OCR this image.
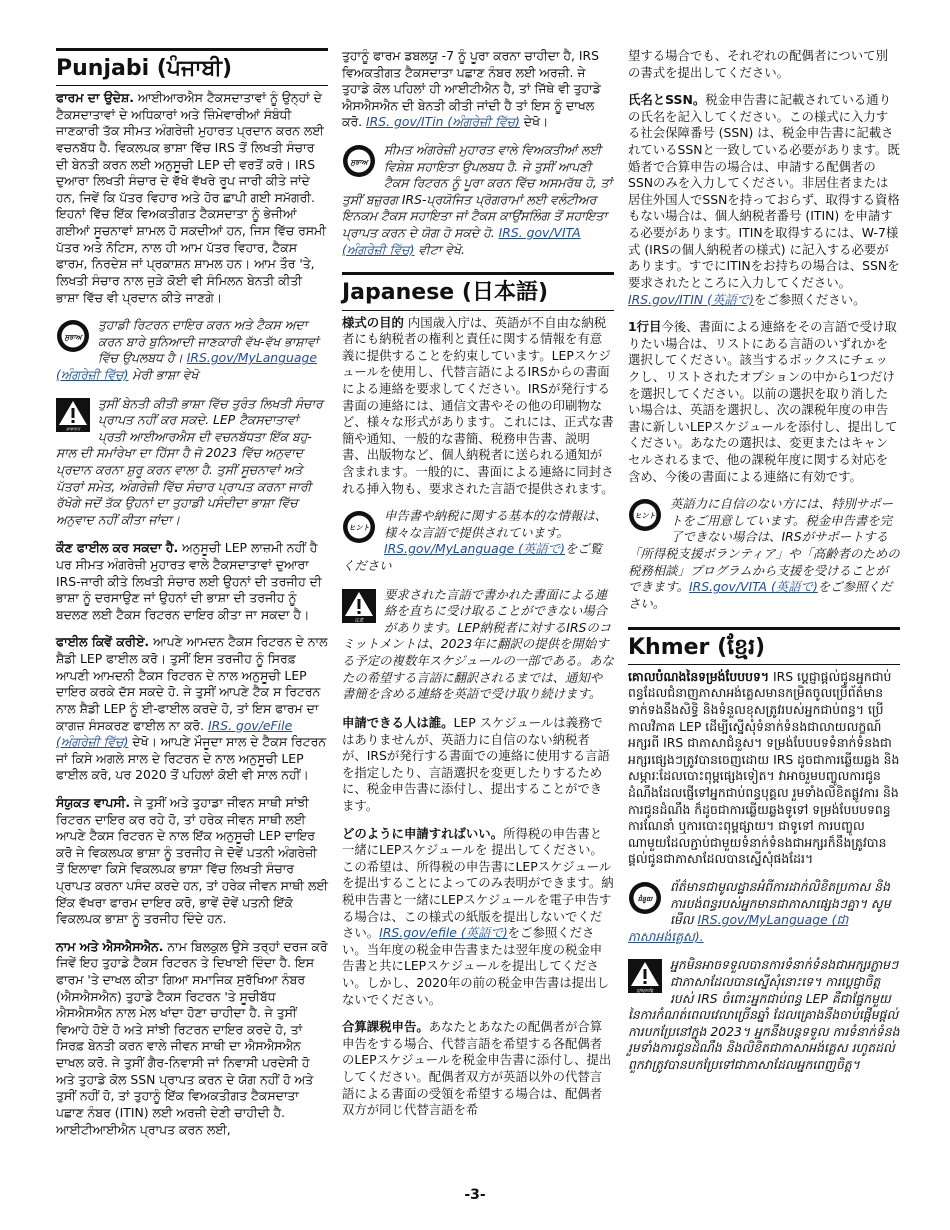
Punjabi (ਪੰਜਾਬੀ)

ਫਾਰਮ ਦਾ ਉਦੇਸ਼. ਆਈਆਰਐਸ ਟੈਕਸਦਾਤਾਵਾਂ ਨੂੰ ਉਨ੍ਹਾਂ ਦੇ ਟੈਕਸਦਾਤਾਵਾਂ ਦੇ ਅਧਿਕਾਰਾਂ ਅਤੇ ਜ਼ਿੰਮੇਵਾਰੀਆਂ ਸੰਬੰਧੀ ਜਾਣਕਾਰੀ ਤੱਕ ਸੀਮਤ ਅੰਗਰੇਜ਼ੀ ਮੁਹਾਰਤ ਪ੍ਰਦਾਨ ਕਰਨ ਲਈ ਵਚਨਬੱਧ ਹੈ. ਵਿਕਲਪਕ ਭਾਸ਼ਾ ਵਿੱਚ IRS ਤੋਂ ਲਿਖਤੀ ਸੰਚਾਰ ਦੀ ਬੇਨਤੀ ਕਰਨ ਲਈ ਅਨੁਸੂਚੀ LEP ਦੀ ਵਰਤੋਂ ਕਰੋ। IRS ਦੁਆਰਾ ਲਿਖਤੀ ਸੰਚਾਰ ਦੇ ਵੱਖੋ ਵੱਖਰੇ ਰੂਪ ਜਾਰੀ ਕੀਤੇ ਜਾਂਦੇ ਹਨ, ਜਿਵੇਂ ਕਿ ਪੱਤਰ ਵਿਹਾਰ ਅਤੇ ਹੋਰ ਛਾਪੀ ਗਈ ਸਮੱਗਰੀ. ਇਹਨਾਂ ਵਿੱਚ ਇੱਕ ਵਿਅਕਤੀਗਤ ਟੈਕਸਦਾਤਾ ਨੂੰ ਭੇਜੀਆਂ ਗਈਆਂ ਸੂਚਨਾਵਾਂ ਸ਼ਾਮਲ ਹੋ ਸਕਦੀਆਂ ਹਨ, ਜਿਸ ਵਿੱਚ ਰਸਮੀ ਪੱਤਰ ਅਤੇ ਨੋਟਿਸ, ਨਾਲ ਹੀ ਆਮ ਪੱਤਰ ਵਿਹਾਰ, ਟੈਕਸ ਫਾਰਮ, ਨਿਰਦੇਸ਼ ਜਾਂ ਪ੍ਰਕਾਸ਼ਨ ਸ਼ਾਮਲ ਹਨ। ਆਮ ਤੌਰ 'ਤੇ, ਲਿਖਤੀ ਸੰਚਾਰ ਨਾਲ ਜੁੜੇ ਕੋਈ ਵੀ ਸੰਮਿਲਨ ਬੇਨਤੀ ਕੀਤੀ ਭਾਸ਼ਾ ਵਿੱਚ ਵੀ ਪ੍ਰਦਾਨ ਕੀਤੇ ਜਾਣਗੇ।

ਸੁਝਾਅ
ਤੁਹਾਡੀ ਰਿਟਰਨ ਦਾਇਰ ਕਰਨ ਅਤੇ ਟੈਕਸ ਅਦਾ ਕਰਨ ਬਾਰੇ ਬੁਨਿਆਦੀ ਜਾਣਕਾਰੀ ਵੱਖ-ਵੱਖ ਭਾਸ਼ਾਵਾਂ ਵਿੱਚ ਉਪਲਬਧ ਹੈ। IRS.gov/MyLanguage (ਅੰਗਰੇਜ਼ੀ ਵਿੱਚ) ਮੇਰੀ ਭਾਸ਼ਾ ਵੇਖੋ
ਸਾਵਧਾਨ
ਤੁਸੀਂ ਬੇਨਤੀ ਕੀਤੀ ਭਾਸ਼ਾ ਵਿੱਚ ਤੁਰੰਤ ਲਿਖਤੀ ਸੰਚਾਰ ਪ੍ਰਾਪਤ ਨਹੀਂ ਕਰ ਸਕਦੇ. LEP ਟੈਕਸਦਾਤਾਵਾਂ ਪ੍ਰਤੀ ਆਈਆਰਐਸ ਦੀ ਵਚਨਬੱਧਤਾ ਇੱਕ ਬਹੁ-ਸਾਲ ਦੀ ਸਮਾਂਰੇਖਾ ਦਾ ਹਿੱਸਾ ਹੈ ਜੋ 2023 ਵਿੱਚ ਅਨੁਵਾਦ ਪ੍ਰਦਾਨ ਕਰਨਾ ਸ਼ੁਰੂ ਕਰਨ ਵਾਲਾ ਹੈ. ਤੁਸੀਂ ਸੂਚਨਾਵਾਂ ਅਤੇ ਪੱਤਰਾਂ ਸਮੇਤ, ਅੰਗਰੇਜ਼ੀ ਵਿੱਚ ਸੰਚਾਰ ਪ੍ਰਾਪਤ ਕਰਨਾ ਜਾਰੀ ਰੱਖੋਗੇ ਜਦੋਂ ਤੱਕ ਉਹਨਾਂ ਦਾ ਤੁਹਾਡੀ ਪਸੰਦੀਦਾ ਭਾਸ਼ਾ ਵਿੱਚ ਅਨੁਵਾਦ ਨਹੀਂ ਕੀਤਾ ਜਾਂਦਾ।

ਕੌਣ ਫਾਈਲ ਕਰ ਸਕਦਾ ਹੈ. ਅਨੁਸੂਚੀ LEP ਲਾਜ਼ਮੀ ਨਹੀਂ ਹੈ ਪਰ ਸੀਮਤ ਅੰਗਰੇਜ਼ੀ ਮੁਹਾਰਤ ਵਾਲੇ ਟੈਕਸਦਾਤਾਵਾਂ ਦੁਆਰਾ IRS-ਜਾਰੀ ਕੀਤੇ ਲਿਖਤੀ ਸੰਚਾਰ ਲਈ ਉਹਨਾਂ ਦੀ ਤਰਜੀਹ ਦੀ ਭਾਸ਼ਾ ਨੂੰ ਦਰਸਾਉਣ ਜਾਂ ਉਹਨਾਂ ਦੀ ਭਾਸ਼ਾ ਦੀ ਤਰਜੀਹ ਨੂੰ ਬਦਲਣ ਲਈ ਟੈਕਸ ਰਿਟਰਨ ਦਾਇਰ ਕੀਤਾ ਜਾ ਸਕਦਾ ਹੈ।

ਫਾਈਲ ਕਿਵੇਂ ਕਰੀਏ. ਆਪਣੇ ਆਮਦਨ ਟੈਕਸ ਰਿਟਰਨ ਦੇ ਨਾਲ ਸ਼ੈਡੀ LEP ਫਾਈਲ ਕਰੋ। ਤੁਸੀਂ ਇਸ ਤਰਜੀਹ ਨੂੰ ਸਿਰਫ਼ ਆਪਣੀ ਆਮਦਨੀ ਟੈਕਸ ਰਿਟਰਨ ਦੇ ਨਾਲ ਅਨੁਸੂਚੀ LEP ਦਾਇਰ ਕਰਕੇ ਦੱਸ ਸਕਦੇ ਹੋ. ਜੇ ਤੁਸੀਂ ਆਪਣੇ ਟੈਕ ਸ ਰਿਟਰਨ ਨਾਲ ਸ਼ੈਡੀ LEP ਨੂੰ ਈ-ਫਾਈਲ ਕਰਦੇ ਹੋ, ਤਾਂ ਇਸ ਫਾਰਮ ਦਾ ਕਾਗਜ਼ ਸੰਸਕਰਣ ਫਾਈਲ ਨਾ ਕਰੋ. IRS. gov/eFile (ਅੰਗਰੇਜ਼ੀ ਵਿੱਚ) ਦੇਖੋ। ਆਪਣੇ ਮੌਜੂਦਾ ਸਾਲ ਦੇ ਟੈਕਸ ਰਿਟਰਨ ਜਾਂ ਕਿਸੇ ਅਗਲੇ ਸਾਲ ਦੇ ਰਿਟਰਨ ਦੇ ਨਾਲ ਅਨੁਸੂਚੀ LEP ਫਾਈਲ ਕਰੋ, ਪਰ 2020 ਤੋਂ ਪਹਿਲਾਂ ਕੋਈ ਵੀ ਸਾਲ ਨਹੀਂ।

ਸੰਯੁਕਤ ਵਾਪਸੀ. ਜੇ ਤੁਸੀਂ ਅਤੇ ਤੁਹਾਡਾ ਜੀਵਨ ਸਾਥੀ ਸਾਂਝੀ ਰਿਟਰਨ ਦਾਇਰ ਕਰ ਰਹੇ ਹੋ, ਤਾਂ ਹਰੇਕ ਜੀਵਨ ਸਾਥੀ ਲਈ ਆਪਣੇ ਟੈਕਸ ਰਿਟਰਨ ਦੇ ਨਾਲ ਇੱਕ ਅਨੁਸੂਚੀ LEP ਦਾਇਰ ਕਰੋ ਜੇ ਵਿਕਲਪਕ ਭਾਸ਼ਾ ਨੂੰ ਤਰਜੀਹ ਜੇ ਦੋਵੇਂ ਪਤਨੀ ਅੰਗਰੇਜ਼ੀ ਤੋਂ ਇਲਾਵਾ ਕਿਸੇ ਵਿਕਲਪਕ ਭਾਸ਼ਾ ਵਿੱਚ ਲਿਖਤੀ ਸੰਚਾਰ ਪ੍ਰਾਪਤ ਕਰਨਾ ਪਸੰਦ ਕਰਦੇ ਹਨ, ਤਾਂ ਹਰੇਕ ਜੀਵਨ ਸਾਥੀ ਲਈ ਇੱਕ ਵੱਖਰਾ ਫਾਰਮ ਦਾਇਰ ਕਰੋ, ਭਾਵੇਂ ਦੋਵੇਂ ਪਤਨੀ ਇੱਕੋ ਵਿਕਲਪਕ ਭਾਸ਼ਾ ਨੂੰ ਤਰਜੀਹ ਦਿੰਦੇ ਹਨ.

ਨਾਮ ਅਤੇ ਐਸਐਸਐਨ. ਨਾਮ ਬਿਲਕੁਲ ਉਸੇ ਤਰ੍ਹਾਂ ਦਰਜ ਕਰੋ ਜਿਵੇਂ ਇਹ ਤੁਹਾਡੇ ਟੈਕਸ ਰਿਟਰਨ ਤੇ ਦਿਖਾਈ ਦਿੰਦਾ ਹੈ. ਇਸ ਫਾਰਮ 'ਤੇ ਦਾਖਲ ਕੀਤਾ ਗਿਆ ਸਮਾਜਿਕ ਸੁਰੱਖਿਆ ਨੰਬਰ (ਐਸਐਸਐਨ) ਤੁਹਾਡੇ ਟੈਕਸ ਰਿਟਰਨ 'ਤੇ ਸੂਚੀਬੱਧ ਐਸਐਸਐਨ ਨਾਲ ਮੇਲ ਖਾਂਦਾ ਹੋਣਾ ਚਾਹੀਦਾ ਹੈ. ਜੇ ਤੁਸੀਂ ਵਿਆਹੇ ਹੋਏ ਹੋ ਅਤੇ ਸਾਂਝੀ ਰਿਟਰਨ ਦਾਇਰ ਕਰਦੇ ਹੋ, ਤਾਂ ਸਿਰਫ਼ ਬੇਨਤੀ ਕਰਨ ਵਾਲੇ ਜੀਵਨ ਸਾਥੀ ਦਾ ਐਸਐਸਐਨ ਦਾਖਲ ਕਰੋ. ਜੇ ਤੁਸੀਂ ਗੈਰ-ਨਿਵਾਸੀ ਜਾਂ ਨਿਵਾਸੀ ਪਰਦੇਸੀ ਹੋ ਅਤੇ ਤੁਹਾਡੇ ਕੋਲ SSN ਪ੍ਰਾਪਤ ਕਰਨ ਦੇ ਯੋਗ ਨਹੀਂ ਹੋ ਅਤੇ ਤੁਸੀਂ ਨਹੀਂ ਹੋ, ਤਾਂ ਤੁਹਾਨੂੰ ਇੱਕ ਵਿਅਕਤੀਗਤ ਟੈਕਸਦਾਤਾ ਪਛਾਣ ਨੰਬਰ (ITIN) ਲਈ ਅਰਜ਼ੀ ਦੇਣੀ ਚਾਹੀਦੀ ਹੈ. ਆਈਟੀਆਈਐਨ ਪ੍ਰਾਪਤ ਕਰਨ ਲਈ,

ਤੁਹਾਨੂੰ ਫਾਰਮ ਡਬਲਯੂ -7 ਨੂੰ ਪੂਰਾ ਕਰਨਾ ਚਾਹੀਦਾ ਹੈ, IRS ਵਿਅਕਤੀਗਤ ਟੈਕਸਦਾਤਾ ਪਛਾਣ ਨੰਬਰ ਲਈ ਅਰਜ਼ੀ. ਜੇ ਤੁਹਾਡੇ ਕੋਲ ਪਹਿਲਾਂ ਹੀ ਆਈਟੀਐਨ ਹੈ, ਤਾਂ ਜਿੱਥੇ ਵੀ ਤੁਹਾਡੇ ਐਸਐਸਐਨ ਦੀ ਬੇਨਤੀ ਕੀਤੀ ਜਾਂਦੀ ਹੈ ਤਾਂ ਇਸ ਨੂੰ ਦਾਖਲ ਕਰੋ. IRS. gov/ITin (ਅੰਗਰੇਜ਼ੀ ਵਿੱਚ) ਦੇਖੋ।

ਸੁਝਾਅ
ਸੀਮਤ ਅੰਗਰੇਜ਼ੀ ਮੁਹਾਰਤ ਵਾਲੇ ਵਿਅਕਤੀਆਂ ਲਈ ਵਿਸ਼ੇਸ਼ ਸਹਾਇਤਾ ਉਪਲਬਧ ਹੈ. ਜੇ ਤੁਸੀਂ ਆਪਣੀ ਟੈਕਸ ਰਿਟਰਨ ਨੂੰ ਪੂਰਾ ਕਰਨ ਵਿੱਚ ਅਸਮਰੱਥ ਹੋ, ਤਾਂ ਤੁਸੀਂ ਬਜ਼ੁਰਗ IRS-ਪ੍ਰਯੋਜਿਤ ਪ੍ਰੋਗਰਾਮਾਂ ਲਈ ਵਲੰਟੀਅਰ ਇਨਕਮ ਟੈਕਸ ਸਹਾਇਤਾ ਜਾਂ ਟੈਕਸ ਕਾਉਂਸਲਿੰਗ ਤੋਂ ਸਹਾਇਤਾ ਪ੍ਰਾਪਤ ਕਰਨ ਦੇ ਯੋਗ ਹੋ ਸਕਦੇ ਹੋ. IRS. gov/VITA (ਅੰਗਰੇਜ਼ੀ ਵਿੱਚ) ਵੀਟਾ ਵੇਖੋ.
Japanese (日本語)

様式の目的 内国歳入庁は、英語が不自由な納税者にも納税者の権利と責任に関する情報を有意義に提供することを約束しています。LEPスケジュールを使用し、代替言語によるIRSからの書面による連絡を要求してください。IRSが発行する書面の連絡には、通信文書やその他の印刷物など、様々な形式があります。これには、正式な書簡や通知、一般的な書簡、税務申告書、説明書、出版物など、個人納税者に送られる通知が含まれます。一般的に、書面による連絡に同封される挿入物も、要求された言語で提供されます。

ヒント
申告書や納税に関する基本的な情報は、様々な言語で提供されています。IRS.gov/MyLanguage (英語で)をご覧ください
注意
要求された言語で書かれた書面による連絡を直ちに受け取ることができない場合があります。LEP納税者に対するIRSのコミットメントは、2023年に翻訳の提供を開始する予定の複数年スケジュールの一部である。あなたの希望する言語に翻訳されるまでは、通知や書簡を含める連絡を英語で受け取り続けます。

申請できる人は誰。LEP スケジュールは義務ではありませんが、英語力に自信のない納税者が、IRSが発行する書面での連絡に使用する言語を指定したり、言語選択を変更したりするために、税金申告書に添付し、提出することができます。

どのように申請すればいい。所得税の申告書と一緒にLEPスケジュールを 提出してください。この希望は、所得税の申告書にLEPスケジュールを提出することによってのみ表明ができます。納税申告書と一緒にLEPスケジュールを電子申告する場合は、この様式の紙版を提出しないでください。IRS.gov/efile (英語で)をご参照ください。当年度の税金申告書または翌年度の税金申告書と共にLEPスケジュールを提出してください。しかし、2020年の前の税金申告書は提出しないでください。

合算課税申告。あなたとあなたの配偶者が合算申告をする場合、代替言語を希望する各配偶者のLEPスケジュールを税金申告書に添付し、提出してください。配偶者双方が英語以外の代替言語による書面の受領を希望する場合は、配偶者双方が同じ代替言語を希

望する場合でも、それぞれの配偶者について別の書式を提出してください。

氏名とSSN。税金申告書に記載されている通りの氏名を記入してください。この様式に入力する社会保障番号 (SSN) は、税金申告書に記載されているSSNと一致している必要があります。既婚者で合算申告の場合は、申請する配偶者のSSNのみを入力してください。非居住者または居住外国人でSSNを持っておらず、取得する資格もない場合は、個人納税者番号 (ITIN) を申請する必要があります。ITINを取得するには、W-7様式 (IRSの個人納税者の様式) に記入する必要があります。すでにITINをお持ちの場合は、SSNを要求されたところに入力してください。IRS.gov/ITIN (英語で)をご参照ください。

1行目今後、書面による連絡をその言語で受け取りたい場合は、リストにある言語のいずれかを選択してください。該当するボックスにチェックし、リストされたオプションの中から1つだけを選択してください。以前の選択を取り消したい場合は、英語を選択し、次の課税年度の申告書に新しいLEPスケジュールを添付し、提出してください。あなたの選択は、変更またはキャンセルされるまで、他の課税年度に関する対応を含め、今後の書面による連絡に有効です。

ヒント
英語力に自信のない方には、特別サポートをご用意しています。税金申告書を完了できない場合は、IRSがサポートする「所得税支援ボランティア」や「高齢者のための税務相談」プログラムから支援を受けることができます。IRS.gov/VITA (英語で)をご参照ください。
Khmer (ខ្មែរ)

គោលបំណងនៃទម្រង់បែបបទ។ IRS ប្តេជ្ញាផ្តល់ជូនអ្នកជាប់ពន្ធដែលជំនាញភាសាអង់គ្លេសមានកម្រិតចូលប្រើព័ត៌មានទាក់ទងនឹងសិទ្ធិ និងទំនួលខុសត្រូវរបស់អ្នកជាប់ពន្ធ។ ប្រើកាលវិភាគ LEP ដើម្បីស្នើសុំទំនាក់ទំនងជាលាយលក្ខណ៍អក្សរពី IRS ជាភាសាជំនួស។ ទម្រង់បែបបទទំនាក់ទំនងជាអក្សរផ្សេងៗត្រូវបានចេញដោយ IRS ដូចជាការឆ្លើយឆ្លង និងសម្ភារៈដែលបោះពុម្ពផ្សេងទៀត។ វាអាចរួមបញ្ចូលការជូនដំណឹងដែលផ្ញើទៅអ្នកជាប់ពន្ធបុគ្គល រួមទាំងលិខិតផ្លូវការ និងការជូនដំណឹង ក៏ដូចជាការឆ្លើយឆ្លងទូទៅ ទម្រង់បែបបទពន្ធ ការណែនាំ ឬការបោះពុម្ពផ្សាយ។ ជាទូទៅ ការបញ្ចូលណាមួយដែលភ្ជាប់ជាមួយទំនាក់ទំនងជាអក្សរក៏នឹងត្រូវបានផ្តល់ជូនជាភាសាដែលបានស្នើសុំផងដែរ។

ជំនួយ
ព័ត៌មានជាមូលដ្ឋានអំពីការដាក់លិខិតប្រកាស និងការបង់ពន្ធរបស់អ្នកមានជាភាសាផ្សេងៗគ្នា។ សូមមើល IRS.gov/MyLanguage (ជាភាសាអង់គ្លេស).
ប្រុងប្រយ័ត្ន
អ្នកមិនអាចទទួលបានការទំនាក់ទំនងជាអក្សរភ្លាមៗជាភាសាដែលបានស្នើសុំនោះទេ។ ការប្តេជ្ញាចិត្តរបស់ IRS ចំពោះអ្នកជាប់ពន្ធ LEP គឺជាផ្នែកមួយនៃការកំណត់ពេលវេលាច្រើនឆ្នាំ ដែលគ្រោងនឹងចាប់ផ្តើមផ្តល់ការបកប្រែនៅក្នុង 2023។ អ្នកនឹងបន្តទទួល ការទំនាក់ទំនង រួមទាំងការជូនដំណឹង និងលិខិតជាភាសាអង់គ្លេស រហូតដល់ពួកវាត្រូវបានបកប្រែទៅជាភាសាដែលអ្នកពេញចិត្ត។
-3-
